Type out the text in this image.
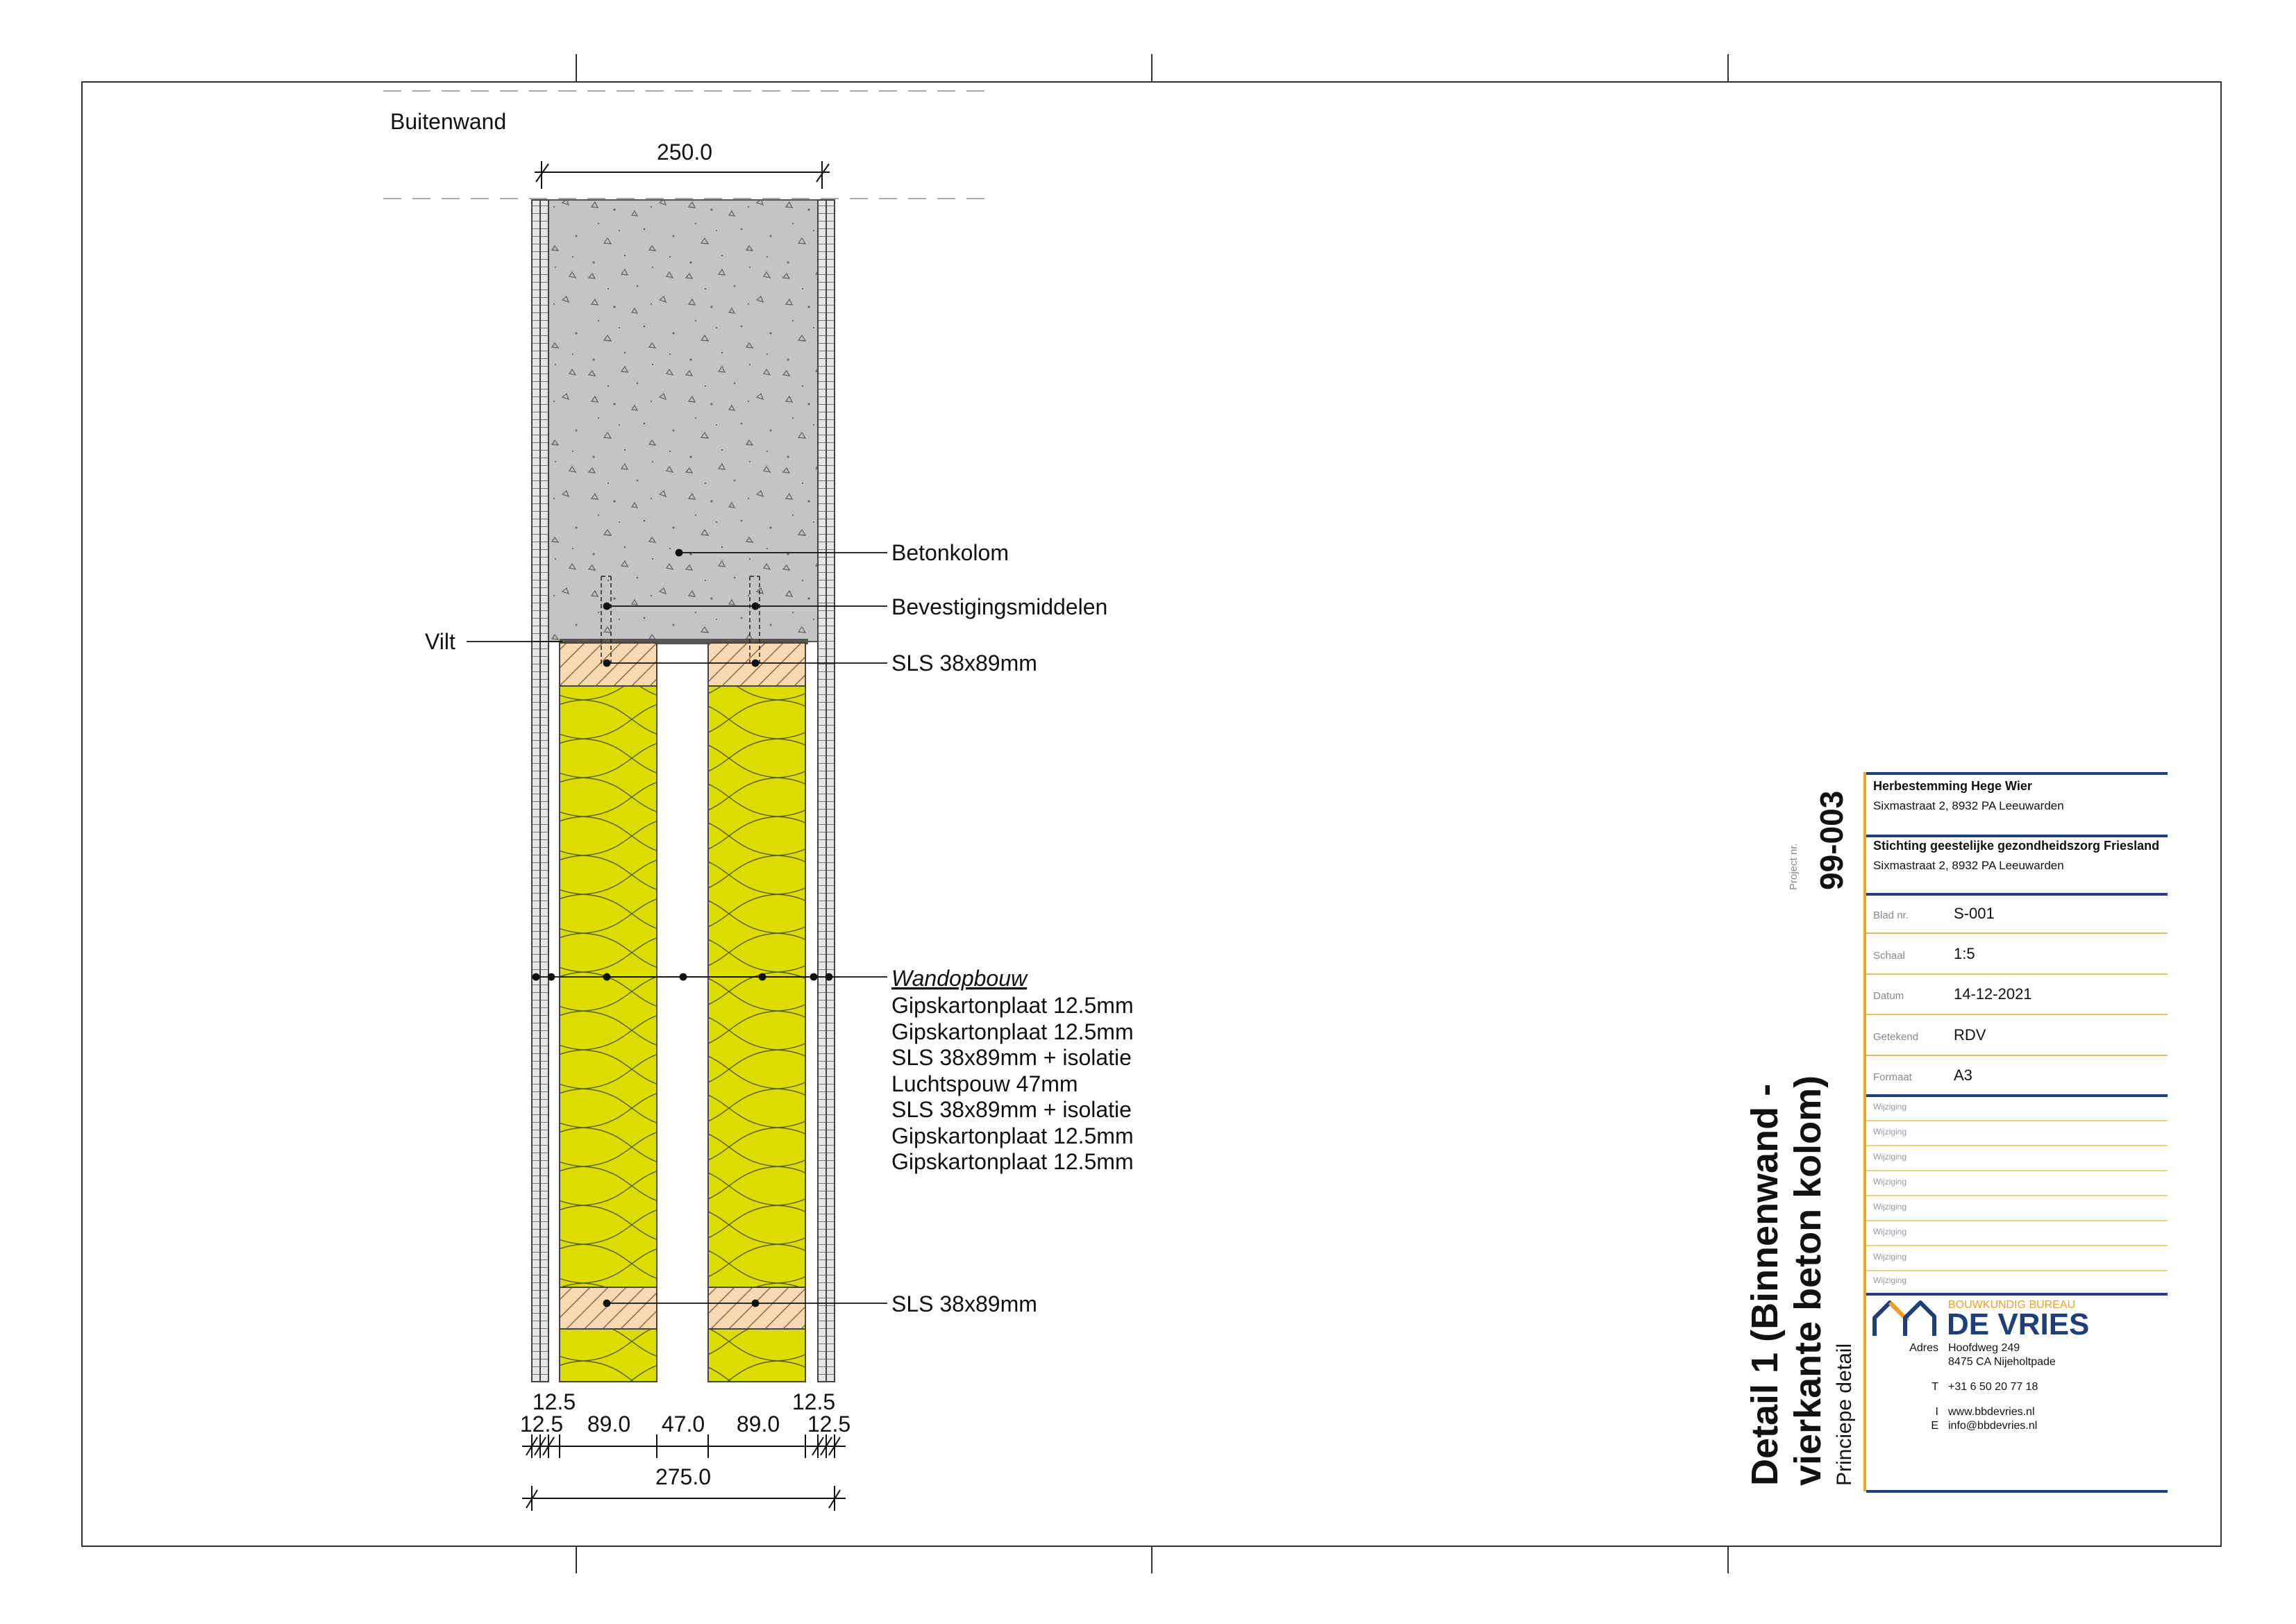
Buitenwand
250.0
Betonkolom
Bevestigingsmiddelen
SLS 38x89mm
Vilt
SLS 38x89mm
Wandopbouw
Gipskartonplaat 12.5mm
Gipskartonplaat 12.5mm
SLS 38x89mm + isolatie
Luchtspouw 47mm
SLS 38x89mm + isolatie
Gipskartonplaat 12.5mm
Gipskartonplaat 12.5mm
12.5
12.5 89.0 47.0 89.0
12.5
12.5
275.0	Detail 1 (Binnenwand - vierkante beton kolom) Princiepe detail
Project nr. 99-003
Herbestemming Hege Wier
Sixmastraat 2, 8932 PA Leeuwarden
Stichting geestelijke gezondheidszorg Friesland
Sixmastraat 2, 8932 PA Leeuwarden
Blad nr.	S-001
Schaal	1:5
Datum	14-12-2021
Getekend RDV
Formaat	A3
Wijziging
Wijziging
Wijziging
Wijziging
Wijziging
Wijziging
Wijziging
Wijziging
BOUWKUNDIG BUREAU
DE VRIES
Adres Hoofdweg 249
8475 CA Nijeholtpade
T +31 6 50 20 77 18
I www.bbdevries.nl
E info@bbdevries.nl
